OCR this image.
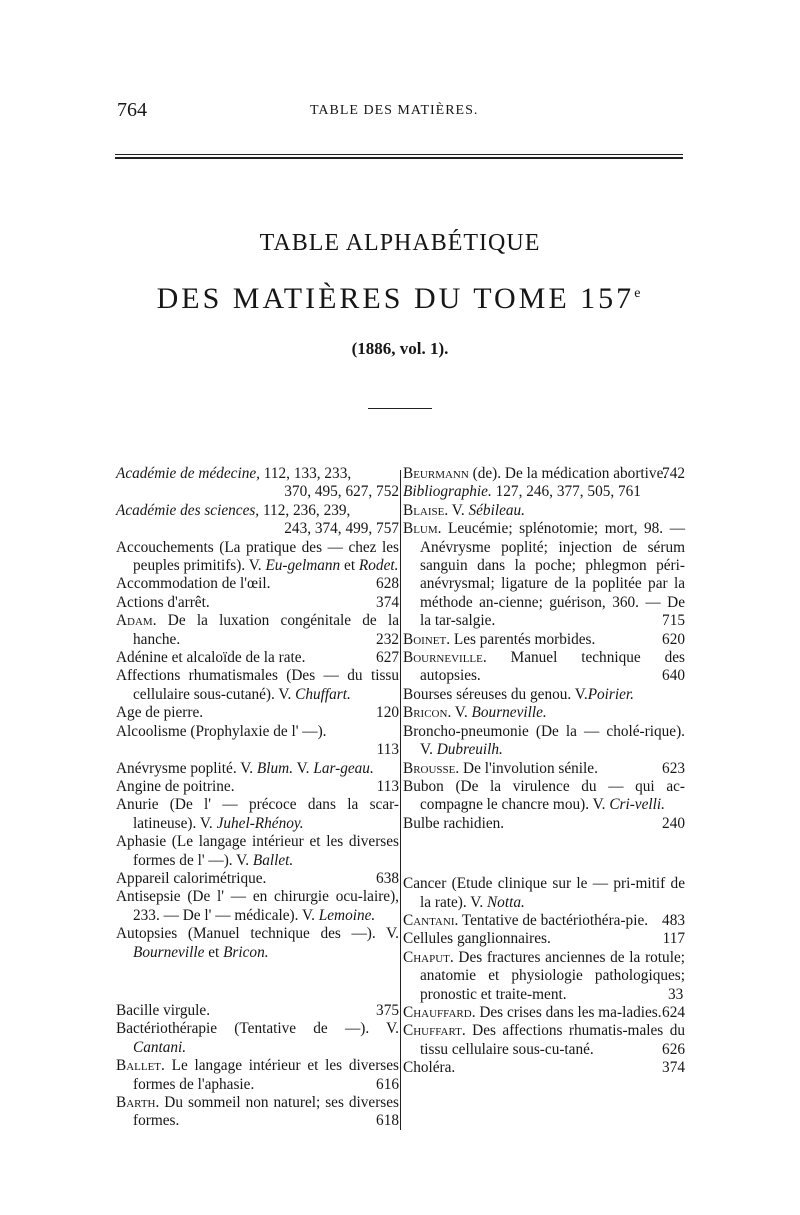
764	TABLE DES MATIÈRES.
TABLE ALPHABÉTIQUE
DES MATIÈRES DU TOME 157e
(1886, vol. 1).
Académie de médecine, 112, 133, 233,
370, 495, 627, 752
Académie des sciences, 112, 236, 239,
243, 374, 499, 757
Accouchements (La pratique des — chez les peuples primitifs). V. Eu-gelmann et Rodet.
Accommodation de l'œil.	628
Actions d'arrêt.	374
Adam. De la luxation congénitale de la hanche.	232
Adénine et alcaloïde de la rate.	627
Affections rhumatismales (Des — du tissu cellulaire sous-cutané). V. Chuffart.
Age de pierre.	120
Alcoolisme (Prophylaxie de l' —).
113
Anévrysme poplité. V. Blum. V. Lar-geau.
Angine de poitrine.	113
Anurie (De l' — précoce dans la scar-latineuse). V. Juhel-Rhénoy.
Aphasie (Le langage intérieur et les diverses formes de l' —). V. Ballet.
Appareil calorimétrique.	638
Antisepsie (De l' — en chirurgie ocu-laire), 233. — De l' — médicale). V. Lemoine.
Autopsies (Manuel technique des —). V. Bourneville et Bricon.
Bacille virgule.	375
Bactériothérapie (Tentative de —). V. Cantani.
Ballet. Le langage intérieur et les diverses formes de l'aphasie.	616
Barth. Du sommeil non naturel; ses diverses formes.	618
Beurmann (de). De la médication abortive.
742
Bibliographie. 127, 246, 377, 505, 761
Blaise. V. Sébileau.
Blum. Leucémie; splénotomie; mort, 98. — Anévrysme poplité; injection de sérum sanguin dans la poche; phlegmon péri-anévrysmal; ligature de la poplitée par la méthode an-cienne; guérison, 360. — De la tar-salgie.	715
Boinet. Les parentés morbides.	620
Bourneville. Manuel technique des autopsies.	640
Bourses séreuses du genou. V.Poirier.
Bricon. V. Bourneville.
Broncho-pneumonie (De la — cholé-rique). V. Dubreuilh.
Brousse. De l'involution sénile.	623
Bubon (De la virulence du — qui ac-compagne le chancre mou). V. Cri-velli.
Bulbe rachidien.	240
Cancer (Etude clinique sur le — pri-mitif de la rate). V. Notta.
Cantani. Tentative de bactériothéra-pie. 483
Cellules ganglionnaires.	117
Chaput. Des fractures anciennes de la rotule; anatomie et physiologie pathologiques; pronostic et traite-ment.	33
Chauffard. Des crises dans les ma-ladies. 624
Chuffart. Des affections rhumatis-males du tissu cellulaire sous-cu-tané.	626
Choléra.	374
